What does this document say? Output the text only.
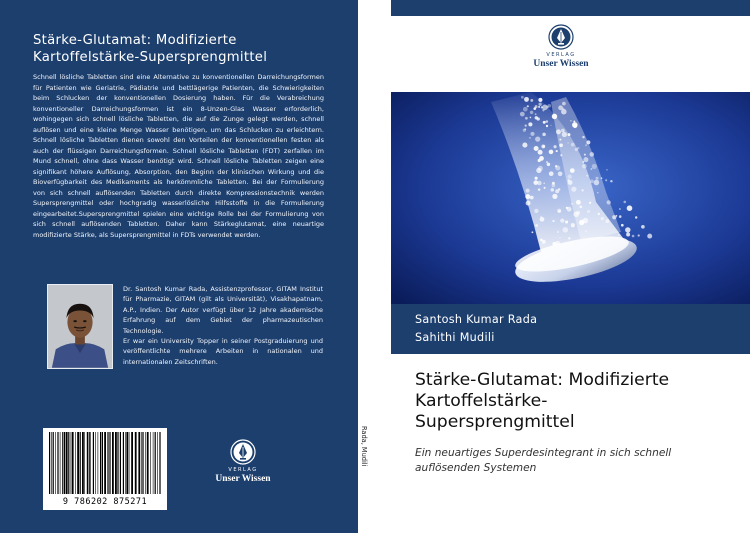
Stärke-Glutamat: Modifizierte
Kartoffelstärke-Supersprengmittel

Schnell lösliche Tabletten sind eine Alternative zu konventionellen Darreichungsformen für Patienten wie Geriatrie, Pädiatrie und bettlägerige Patienten, die Schwierigkeiten beim Schlucken der konventionellen Dosierung haben. Für die Verabreichung konventioneller Darreichungsformen ist ein 8-Unzen-Glas Wasser erforderlich, wohingegen sich schnell lösliche Tabletten, die auf die Zunge gelegt werden, schnell auflösen und eine kleine Menge Wasser benötigen, um das Schlucken zu erleichtern. Schnell lösliche Tabletten dienen sowohl den Vorteilen der konventionellen festen als auch der flüssigen Darreichungsformen. Schnell lösliche Tabletten (FDT) zerfallen im Mund schnell, ohne dass Wasser benötigt wird. Schnell lösliche Tabletten zeigen eine signifikant höhere Auflösung, Absorption, den Beginn der klinischen Wirkung und die Bioverfügbarkeit des Medikaments als herkömmliche Tabletten. Bei der Formulierung von sich schnell auflösenden Tabletten durch direkte Kompressionstechnik werden Supersprengmittel oder hochgradig wasserlösliche Hilfsstoffe in die Formulierung eingearbeitet.Supersprengmittel spielen eine wichtige Rolle bei der Formulierung von sich schnell auflösenden Tabletten. Daher kann Stärkeglutamat, eine neuartige modifizierte Stärke, als Supersprengmittel in FDTs verwendet werden.

Dr. Santosh Kumar Rada, Assistenzprofessor, GITAM Institut für Pharmazie, GITAM (gilt als Universität), Visakhapatnam, A.P., Indien. Der Autor verfügt über 12 Jahre akademische Erfahrung auf dem Gebiet der pharmazeutischen Technologie.

Er war ein University Topper in seiner Postgraduierung und veröffentlichte mehrere Arbeiten in nationalen und internationalen Zeitschriften.

9 786202 875271
VERLAG
Unser Wissen
Rada, Mudili
VERLAG
Unser Wissen
Santosh Kumar Rada
Sahithi Mudili
Stärke-Glutamat: Modifizierte
Kartoffelstärke-
Supersprengmittel
Ein neuartiges Superdesintegrant in sich schnell
auflösenden Systemen
